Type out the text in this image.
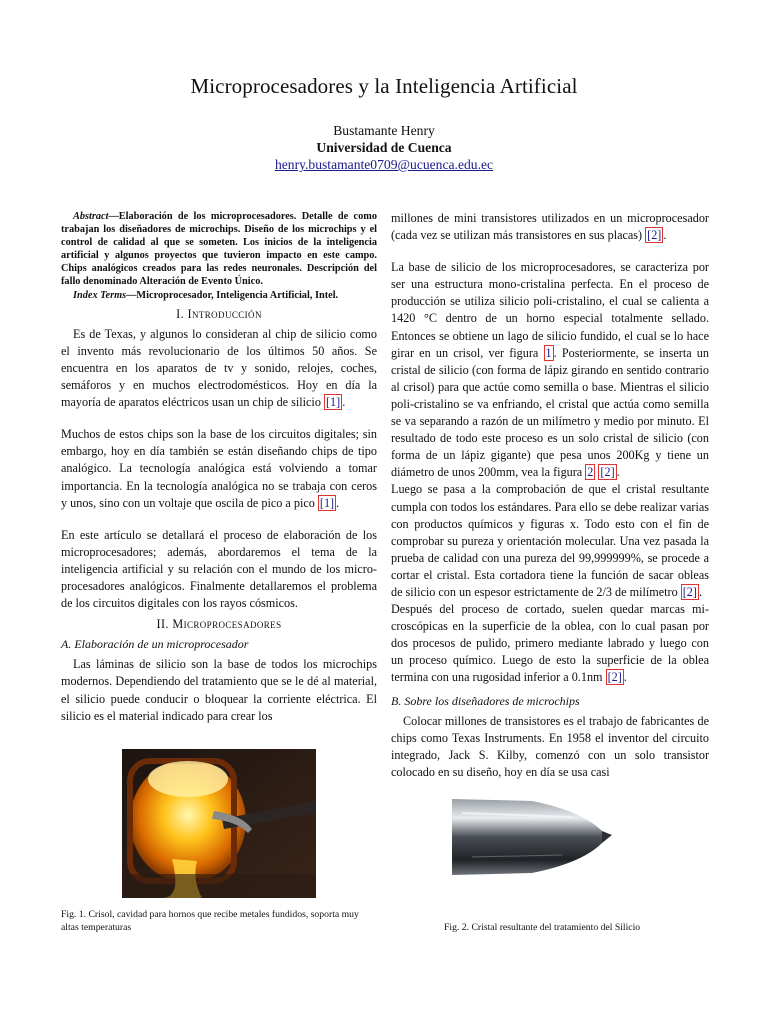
Microprocesadores y la Inteligencia Artificial
Bustamante Henry
Universidad de Cuenca
henry.bustamante0709@ucuenca.edu.ec

Abstract—Elaboración de los microprocesadores. Detalle de como trabajan los diseñadores de microchips. Diseño de los microchips y el control de calidad al que se someten. Los inicios de la inteligencia artificial y algunos proyectos que tuvieron impacto en este campo. Chips analógicos creados para las redes neuronales. Descripción del fallo denominado Alteración de Evento Único.

Index Terms—Microprocesador, Inteligencia Artificial, Intel.

I. Introducción

Es de Texas, y algunos lo consideran al chip de silicio como el invento más revolucionario de los últimos 50 años. Se encuentra en los aparatos de tv y sonido, relojes, coches, semáforos y en muchos electrodomésticos. Hoy en día la mayoría de aparatos eléctricos usan un chip de silicio [1] .

Muchos de estos chips son la base de los circuitos digitales; sin embargo, hoy en día también se están diseñando chips de tipo analógico. La tecnología analógica está volviendo a tomar importancia. En la tecnología analógica no se trabaja con ceros y unos, sino con un voltaje que oscila de pico a pico [1] .

En este artículo se detallará el proceso de elaboración de los microprocesadores; además, abordaremos el tema de la inteligencia artificial y su relación con el mundo de los micro-procesadores analógicos. Finalmente detallaremos el problema de los circuitos digitales con los rayos cósmicos.

II. Microprocesadores
A. Elaboración de un microprocesador

Las láminas de silicio son la base de todos los microchips modernos. Dependiendo del tratamiento que se le dé al material, el silicio puede conducir o bloquear la corriente eléctrica. El silicio es el material indicado para crear los

millones de mini transistores utilizados en un microprocesador (cada vez se utilizan más transistores en sus placas) [2] .

La base de silicio de los microprocesadores, se caracteriza por ser una estructura mono-cristalina perfecta. En el proceso de producción se utiliza silicio poli-cristalino, el cual se calienta a 1420 °C dentro de un horno especial totalmente sellado. Entonces se obtiene un lago de silicio fundido, el cual se lo hace girar en un crisol, ver figura 1 . Posteriormente, se inserta un cristal de silicio (con forma de lápiz girando en sentido contrario al crisol) para que actúe como semilla o base. Mientras el silicio poli-cristalino se va enfriando, el cristal que actúa como semilla se va separando a razón de un milímetro y medio por minuto. El resultado de todo este proceso es un solo cristal de silicio (con forma de un lápiz gigante) que pesa unos 200Kg y tiene un diámetro de unos 200mm, vea la figura 2 [2] .

Luego se pasa a la comprobación de que el cristal resultante cumpla con todos los estándares. Para ello se debe realizar varias con productos químicos y figuras x. Todo esto con el fin de comprobar su pureza y orientación molecular. Una vez pasada la prueba de calidad con una pureza del 99,999999%, se procede a cortar el cristal. Esta cortadora tiene la función de sacar obleas de silicio con un espesor estrictamente de 2/3 de milímetro [2] .

Después del proceso de cortado, suelen quedar marcas mi-croscópicas en la superficie de la oblea, con lo cual pasan por dos procesos de pulido, primero mediante labrado y luego con un proceso químico. Luego de esto la superficie de la oblea termina con una rugosidad inferior a 0.1nm [2] .

B. Sobre los diseñadores de microchips

Colocar millones de transistores es el trabajo de fabricantes de chips como Texas Instruments. En 1958 el inventor del circuito integrado, Jack S. Kilby, comenzó con un solo transistor colocado en su diseño, hoy en día se usa casi

Fig. 1. Crisol, cavidad para hornos que recibe metales fundidos, soporta muy altas temperaturas	Fig. 2. Cristal resultante del tratamiento del Silicio
